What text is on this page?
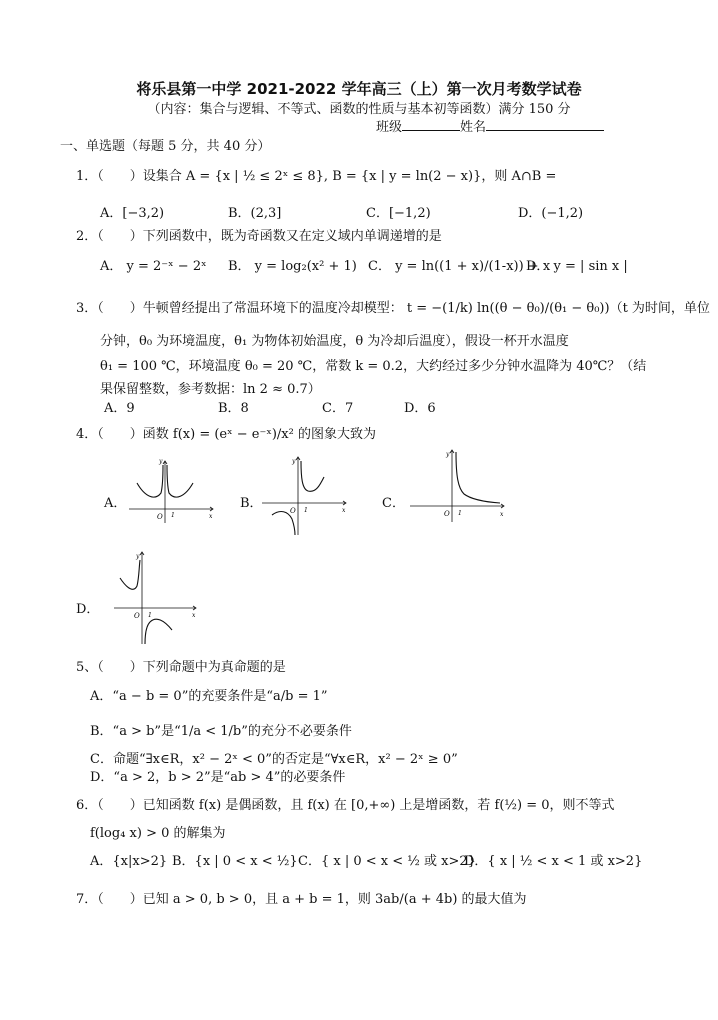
将乐县第一中学 2021-2022 学年高三（上）第一次月考数学试卷
（内容：集合与逻辑、不等式、函数的性质与基本初等函数）满分 150 分
班级	姓名
一、单选题（每题 5 分，共 40 分）
1．（　　）设集合 A = {x | ½ ≤ 2ˣ ≤ 8}, B = {x | y = ln(2 − x)}，则 A∩B =
A．[−3,2)	B．(2,3]	C．[−1,2)	D．(−1,2)
2．（　　）下列函数中，既为奇函数又在定义域内单调递增的是
A． y = 2⁻ˣ − 2ˣ B． y = log₂(x² + 1) C． y = ln((1 + x)/(1-x)) + x
D． y = | sin x |
3．（　　）牛顿曾经提出了常温环境下的温度冷却模型： t = −(1/k) ln((θ − θ₀)/(θ₁ − θ₀))（t 为时间，单位
分钟，θ₀ 为环境温度，θ₁ 为物体初始温度，θ 为冷却后温度），假设一杯开水温度
θ₁ = 100 ℃，环境温度 θ₀ = 20 ℃，常数 k = 0.2，大约经过多少分钟水温降为 40℃？（结
果保留整数，参考数据：ln 2 ≈ 0.7）
A．9	B．8	C．7	D．6
4．（　　）函数 f(x) = (eˣ − e⁻ˣ)/x² 的图象大致为
A．
O 1	x
y
B．	O 1	x
y
C．
O 1	x
y
D．	O 1	x
y
5、（　　）下列命题中为真命题的是
A．“a − b = 0”的充要条件是“a/b = 1”
B．“a > b”是“1/a < 1/b”的充分不必要条件
C．命题“∃x∈R，x² − 2ˣ < 0”的否定是“∀x∈R，x² − 2ˣ ≥ 0”
D．“a > 2，b > 2”是“ab > 4”的必要条件
6．（　　）已知函数 f(x) 是偶函数，且 f(x) 在 [0,+∞) 上是增函数，若 f(½) = 0，则不等式
f(log₄ x) > 0 的解集为
A．{x|x>2} B．{x | 0 < x < ½} C．{ x | 0 < x < ½ 或 x>2}
D．{ x | ½ < x < 1 或 x>2}
7．（　　）已知 a > 0, b > 0，且 a + b = 1，则 3ab/(a + 4b) 的最大值为
